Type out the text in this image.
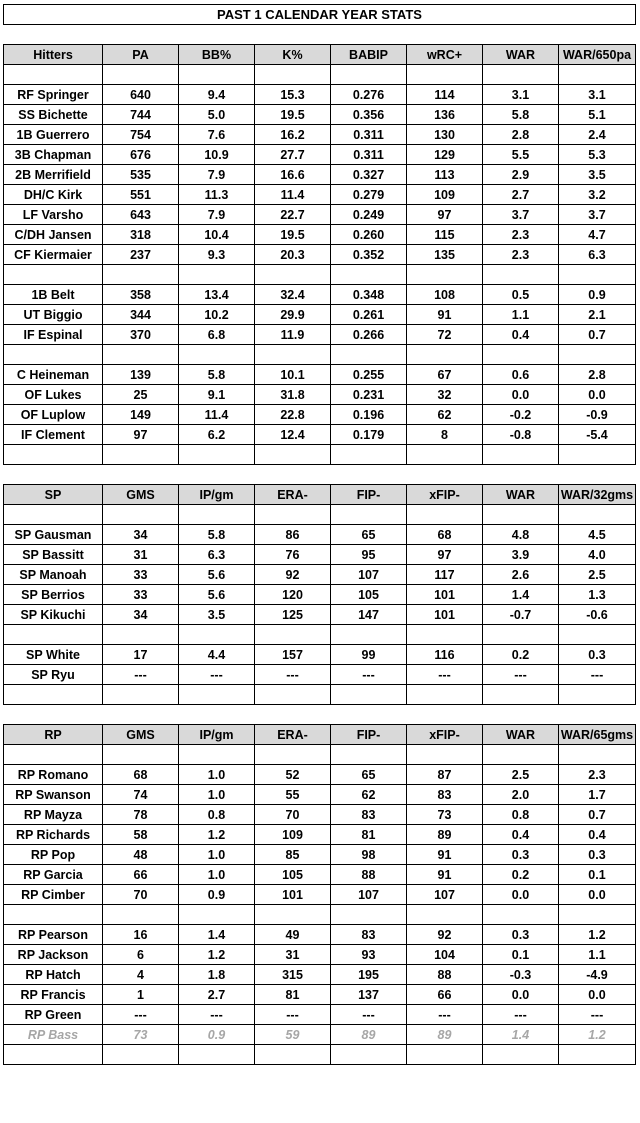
PAST 1 CALENDAR YEAR STATS							

Hitters	PA	BB%	K%	BABIP	wRC+	WAR	WAR/650pa

RF Springer	640	9.4	15.3	0.276	114	3.1	3.1
SS Bichette	744	5.0	19.5	0.356	136	5.8	5.1
1B Guerrero	754	7.6	16.2	0.311	130	2.8	2.4
3B Chapman	676	10.9	27.7	0.311	129	5.5	5.3
2B Merrifield	535	7.9	16.6	0.327	113	2.9	3.5
DH/C Kirk	551	11.3	11.4	0.279	109	2.7	3.2
LF Varsho	643	7.9	22.7	0.249	97	3.7	3.7
C/DH Jansen	318	10.4	19.5	0.260	115	2.3	4.7
CF Kiermaier	237	9.3	20.3	0.352	135	2.3	6.3

1B Belt	358	13.4	32.4	0.348	108	0.5	0.9
UT Biggio	344	10.2	29.9	0.261	91	1.1	2.1
IF Espinal	370	6.8	11.9	0.266	72	0.4	0.7

C Heineman	139	5.8	10.1	0.255	67	0.6	2.8
OF Lukes	25	9.1	31.8	0.231	32	0.0	0.0
OF Luplow	149	11.4	22.8	0.196	62	-0.2	-0.9
IF Clement	97	6.2	12.4	0.179	8	-0.8	-5.4

SP	GMS	IP/gm	ERA-	FIP-	xFIP-	WAR	WAR/32gms

SP Gausman	34	5.8	86	65	68	4.8	4.5
SP Bassitt	31	6.3	76	95	97	3.9	4.0
SP Manoah	33	5.6	92	107	117	2.6	2.5
SP Berrios	33	5.6	120	105	101	1.4	1.3
SP Kikuchi	34	3.5	125	147	101	-0.7	-0.6

SP White	17	4.4	157	99	116	0.2	0.3
SP Ryu	---	---	---	---	---	---	---

RP	GMS	IP/gm	ERA-	FIP-	xFIP-	WAR	WAR/65gms

RP Romano	68	1.0	52	65	87	2.5	2.3
RP Swanson	74	1.0	55	62	83	2.0	1.7
RP Mayza	78	0.8	70	83	73	0.8	0.7
RP Richards	58	1.2	109	81	89	0.4	0.4
RP Pop	48	1.0	85	98	91	0.3	0.3
RP Garcia	66	1.0	105	88	91	0.2	0.1
RP Cimber	70	0.9	101	107	107	0.0	0.0

RP Pearson	16	1.4	49	83	92	0.3	1.2
RP Jackson	6	1.2	31	93	104	0.1	1.1
RP Hatch	4	1.8	315	195	88	-0.3	-4.9
RP Francis	1	2.7	81	137	66	0.0	0.0
RP Green	---	---	---	---	---	---	---
RP Bass	73	0.9	59	89	89	1.4	1.2
